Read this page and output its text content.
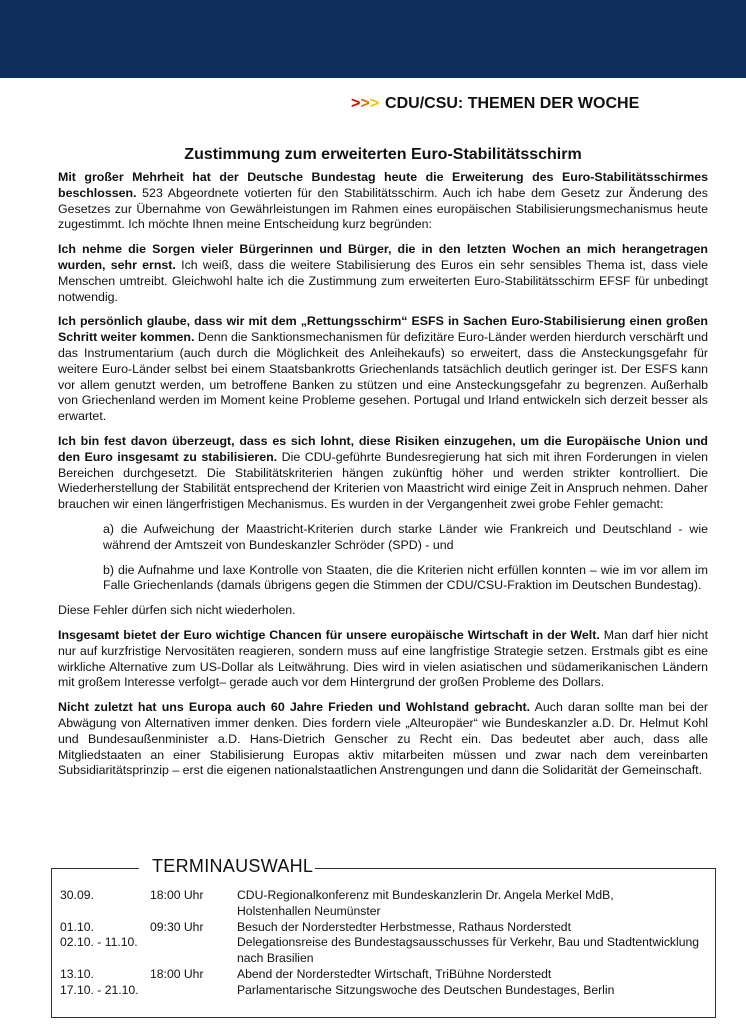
>>> CDU/CSU: THEMEN DER WOCHE
Zustimmung zum erweiterten Euro-Stabilitätsschirm

Mit großer Mehrheit hat der Deutsche Bundestag heute die Erweiterung des Euro-Stabilitätsschirmes beschlossen. 523 Abgeordnete votierten für den Stabilitätsschirm. Auch ich habe dem Gesetz zur Änderung des Gesetzes zur Übernahme von Gewährleistungen im Rahmen eines europäischen Stabilisierungsmechanismus heute zugestimmt. Ich möchte Ihnen meine Entscheidung kurz begründen:

Ich nehme die Sorgen vieler Bürgerinnen und Bürger, die in den letzten Wochen an mich herangetragen wurden, sehr ernst. Ich weiß, dass die weitere Stabilisierung des Euros ein sehr sensibles Thema ist, dass viele Menschen umtreibt. Gleichwohl halte ich die Zustimmung zum erweiterten Euro-Stabilitätsschirm EFSF für unbedingt notwendig.

Ich persönlich glaube, dass wir mit dem „Rettungsschirm“ ESFS in Sachen Euro-Stabilisierung einen großen Schritt weiter kommen. Denn die Sanktionsmechanismen für defizitäre Euro-Länder werden hierdurch verschärft und das Instrumentarium (auch durch die Möglichkeit des Anleihekaufs) so erweitert, dass die Ansteckungsgefahr für weitere Euro-Länder selbst bei einem Staatsbankrotts Griechenlands tatsächlich deutlich geringer ist. Der ESFS kann vor allem genutzt werden, um betroffene Banken zu stützen und eine Ansteckungsgefahr zu begrenzen. Außerhalb von Griechenland werden im Moment keine Probleme gesehen. Portugal und Irland entwickeln sich derzeit besser als erwartet.

Ich bin fest davon überzeugt, dass es sich lohnt, diese Risiken einzugehen, um die Europäische Union und den Euro insgesamt zu stabilisieren. Die CDU-geführte Bundesregierung hat sich mit ihren Forderungen in vielen Bereichen durchgesetzt. Die Stabilitätskriterien hängen zukünftig höher und werden strikter kontrolliert. Die Wiederherstellung der Stabilität entsprechend der Kriterien von Maastricht wird einige Zeit in Anspruch nehmen. Daher brauchen wir einen längerfristigen Mechanismus. Es wurden in der Vergangenheit zwei grobe Fehler gemacht:

a) die Aufweichung der Maastricht-Kriterien durch starke Länder wie Frankreich und Deutschland - wie während der Amtszeit von Bundeskanzler Schröder (SPD) - und

b) die Aufnahme und laxe Kontrolle von Staaten, die die Kriterien nicht erfüllen konnten – wie im vor allem im Falle Griechenlands (damals übrigens gegen die Stimmen der CDU/CSU-Fraktion im Deutschen Bundestag).

Diese Fehler dürfen sich nicht wiederholen.

Insgesamt bietet der Euro wichtige Chancen für unsere europäische Wirtschaft in der Welt. Man darf hier nicht nur auf kurzfristige Nervositäten reagieren, sondern muss auf eine langfristige Strategie setzen. Erstmals gibt es eine wirkliche Alternative zum US-Dollar als Leitwährung. Dies wird in vielen asiatischen und südamerikanischen Ländern mit großem Interesse verfolgt– gerade auch vor dem Hintergrund der großen Probleme des Dollars.

Nicht zuletzt hat uns Europa auch 60 Jahre Frieden und Wohlstand gebracht. Auch daran sollte man bei der Abwägung von Alternativen immer denken. Dies fordern viele „Alteuropäer“ wie Bundeskanzler a.D. Dr. Helmut Kohl und Bundesaußenminister a.D. Hans-Dietrich Genscher zu Recht ein. Das bedeutet aber auch, dass alle Mitgliedstaaten an einer Stabilisierung Europas aktiv mitarbeiten müssen und zwar nach dem vereinbarten Subsidiaritätsprinzip – erst die eigenen nationalstaatlichen Anstrengungen und dann die Solidarität der Gemeinschaft.

TERMINAUSWAHL
30.09.	18:00 Uhr	CDU-Regionalkonferenz mit Bundeskanzlerin Dr. Angela Merkel MdB,
Holstenhallen Neumünster
01.10.	09:30 Uhr	Besuch der Norderstedter Herbstmesse, Rathaus Norderstedt
02.10. - 11.10.	Delegationsreise des Bundestagsausschusses für Verkehr, Bau und Stadtentwicklung
nach Brasilien
13.10.	18:00 Uhr	Abend der Norderstedter Wirtschaft, TriBühne Norderstedt
17.10. - 21.10.	Parlamentarische Sitzungswoche des Deutschen Bundestages, Berlin
